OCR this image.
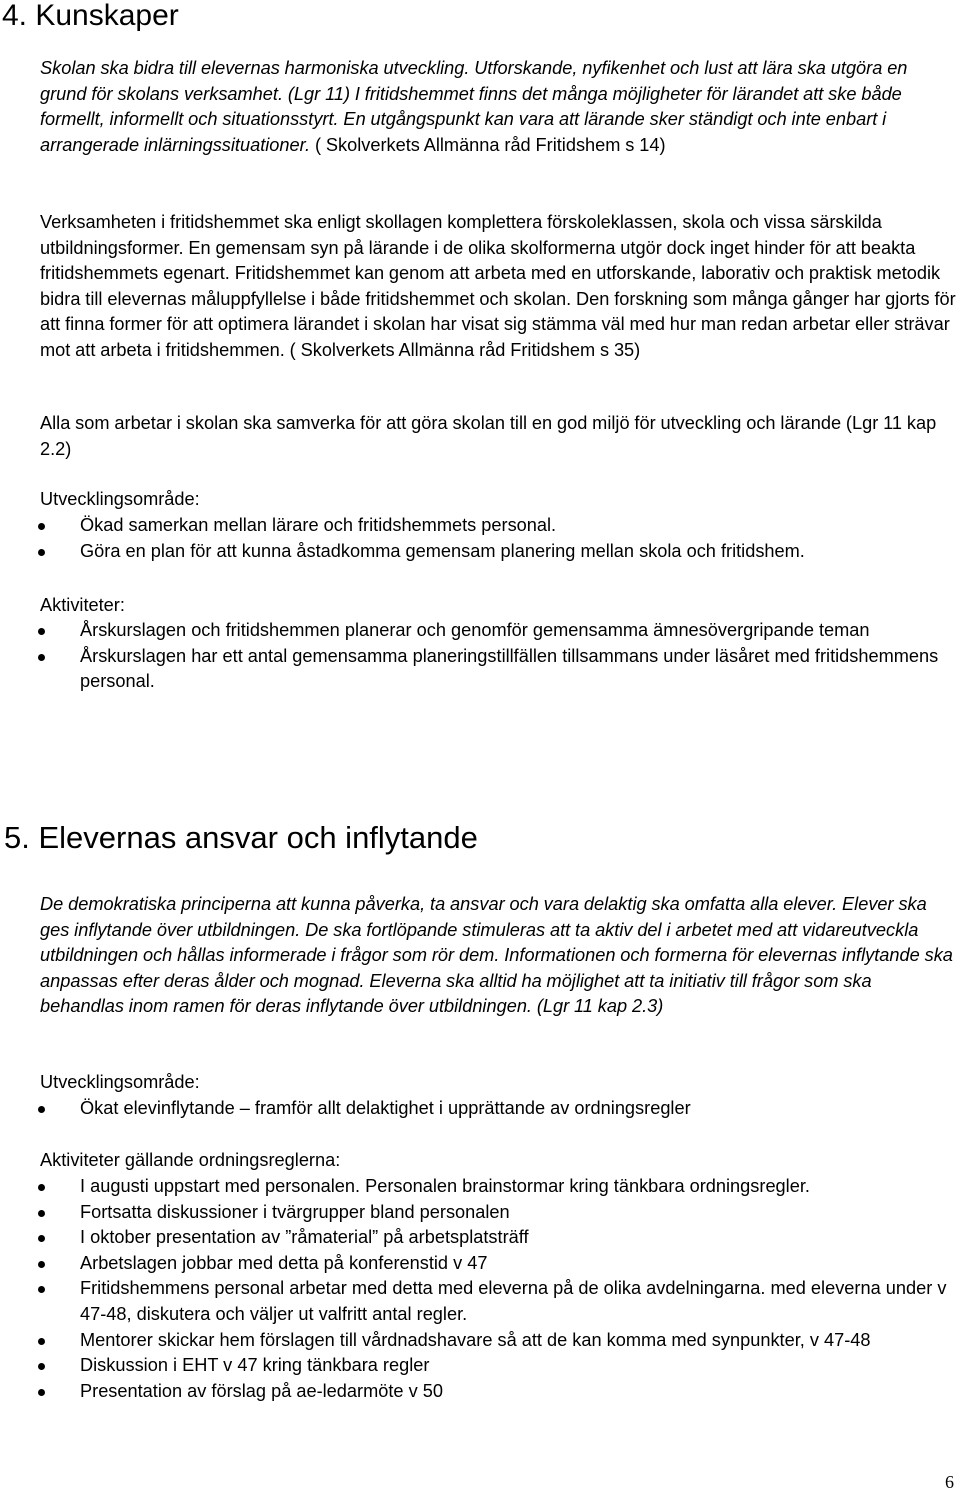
4. Kunskaper
Skolan ska bidra till elevernas harmoniska utveckling. Utforskande, nyfikenhet och lust att lära ska utgöra en grund för skolans verksamhet. (Lgr 11) I fritidshemmet finns det många möjligheter för lärandet att ske både formellt, informellt och situationsstyrt. En utgångspunkt kan vara att lärande sker ständigt och inte enbart i arrangerade inlärningssituationer. ( Skolverkets Allmänna råd Fritidshem s 14)
Verksamheten i fritidshemmet ska enligt skollagen komplettera förskoleklassen, skola och vissa särskilda utbildningsformer. En gemensam syn på lärande i de olika skolformerna utgör dock inget hinder för att beakta fritidshemmets egenart. Fritidshemmet kan genom att arbeta med en utforskande, laborativ och praktisk metodik bidra till elevernas måluppfyllelse i både fritidshemmet och skolan. Den forskning som många gånger har gjorts för att finna former för att optimera lärandet i skolan har visat sig stämma väl med hur man redan arbetar eller strävar mot att arbeta i fritidshemmen. ( Skolverkets Allmänna råd Fritidshem s 35)
Alla som arbetar i skolan ska samverka för att göra skolan till en god miljö för utveckling och lärande (Lgr 11 kap 2.2)
Utvecklingsområde:
Ökad samerkan mellan lärare och fritidshemmets personal.
Göra en plan för att kunna åstadkomma gemensam planering mellan skola och fritidshem.
Aktiviteter:
Årskurslagen och fritidshemmen planerar och genomför gemensamma ämnesövergripande teman
Årskurslagen har ett antal gemensamma planeringstillfällen tillsammans under läsåret med fritidshemmens personal.
5. Elevernas ansvar och inflytande
De demokratiska principerna att kunna påverka, ta ansvar och vara delaktig ska omfatta alla elever. Elever ska ges inflytande över utbildningen. De ska fortlöpande stimuleras att ta aktiv del i arbetet med att vidareutveckla utbildningen och hållas informerade i frågor som rör dem. Informationen och formerna för elevernas inflytande ska anpassas efter deras ålder och mognad. Eleverna ska alltid ha möjlighet att ta initiativ till frågor som ska behandlas inom ramen för deras inflytande över utbildningen. (Lgr 11 kap 2.3)
Utvecklingsområde:
Ökat elevinflytande – framför allt delaktighet i upprättande av ordningsregler
Aktiviteter gällande ordningsreglerna:
I augusti uppstart med personalen. Personalen brainstormar kring tänkbara ordningsregler.
Fortsatta diskussioner i tvärgrupper bland personalen
I oktober presentation av ”råmaterial” på arbetsplatsträff
Arbetslagen jobbar med detta på konferenstid v 47
Fritidshemmens personal arbetar med detta med eleverna på de olika avdelningarna. med eleverna under v 47-48, diskutera och väljer ut valfritt antal regler.
Mentorer skickar hem förslagen till vårdnadshavare så att de kan komma med synpunkter, v 47-48
Diskussion i EHT v 47 kring tänkbara regler
Presentation av förslag på ae-ledarmöte v 50
6
